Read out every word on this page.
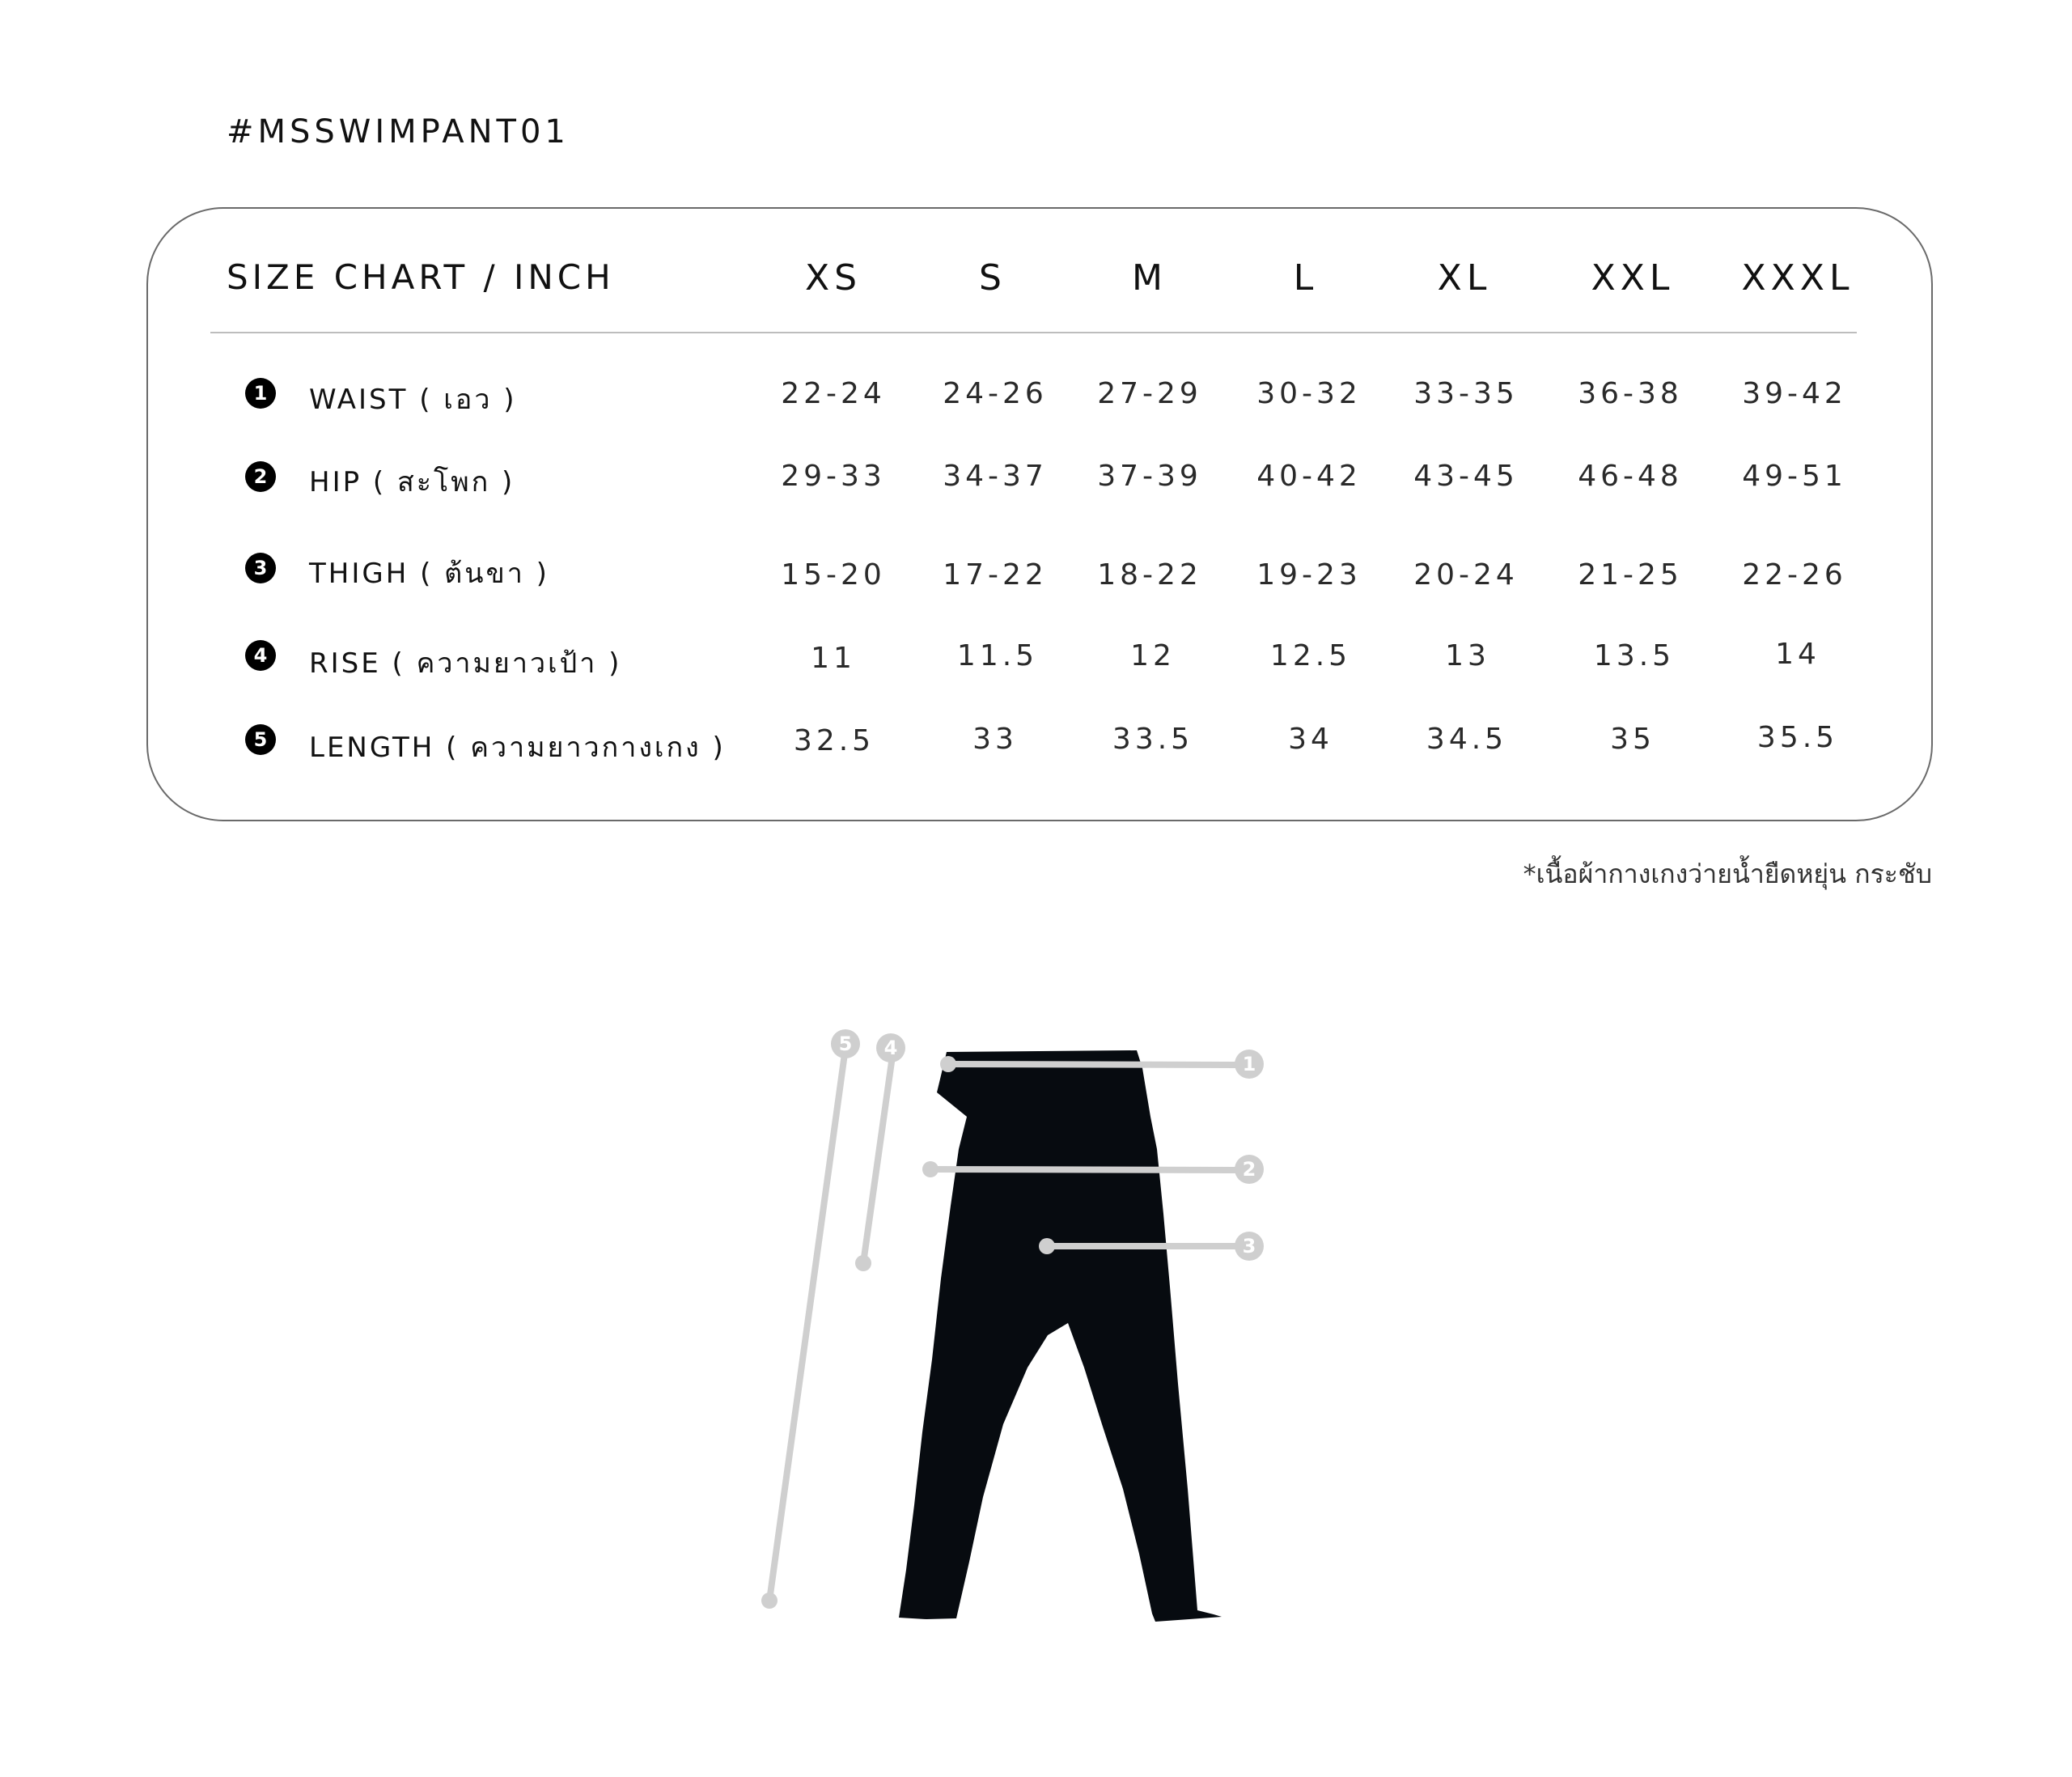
#MSSWIMPANT01
SIZE CHART / INCH	XS	S	M	L	XL	XXL	XXXL
1	WAIST ( เอว )	22-24	24-26	27-29	30-32	33-35	36-38	39-42
2	HIP ( สะโพก )	29-33	34-37	37-39	40-42	43-45	46-48	49-51
3	THIGH ( ต้นขา )	15-20	17-22	18-22	19-23	20-24	21-25	22-26
4	RISE ( ความยาวเป้า )	11	11.5	12	12.5	13	13.5	14
5	LENGTH ( ความยาวกางเกง )	32.5	33	33.5	34	34.5	35	35.5
*เนื้อผ้ากางเกงว่ายน้ำยืดหยุ่น กระชับ
1
2
3
4
5
